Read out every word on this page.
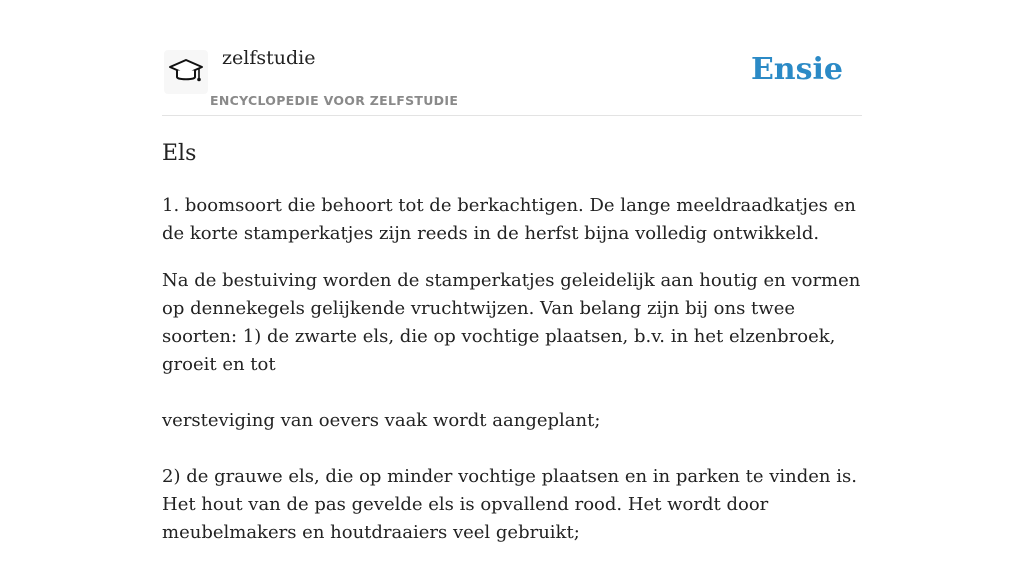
zelfstudie
ENCYCLOPEDIE VOOR ZELFSTUDIE
Ensie
Els

1. boomsoort die behoort tot de berkachtigen. De lange meeldraadkatjes en de korte stamperkatjes zijn reeds in de herfst bijna volledig ontwikkeld.

Na de bestuiving worden de stamperkatjes geleidelijk aan houtig en vormen op dennekegels gelijkende vruchtwijzen. Van belang zijn bij ons twee soorten: 1) de zwarte els, die op vochtige plaatsen, b.v. in het elzenbroek, groeit en tot

versteviging van oevers vaak wordt aangeplant;

2) de grauwe els, die op minder vochtige plaatsen en in parken te vinden is. Het hout van de pas gevelde els is opvallend rood. Het wordt door meubelmakers en houtdraaiers veel gebruikt;
